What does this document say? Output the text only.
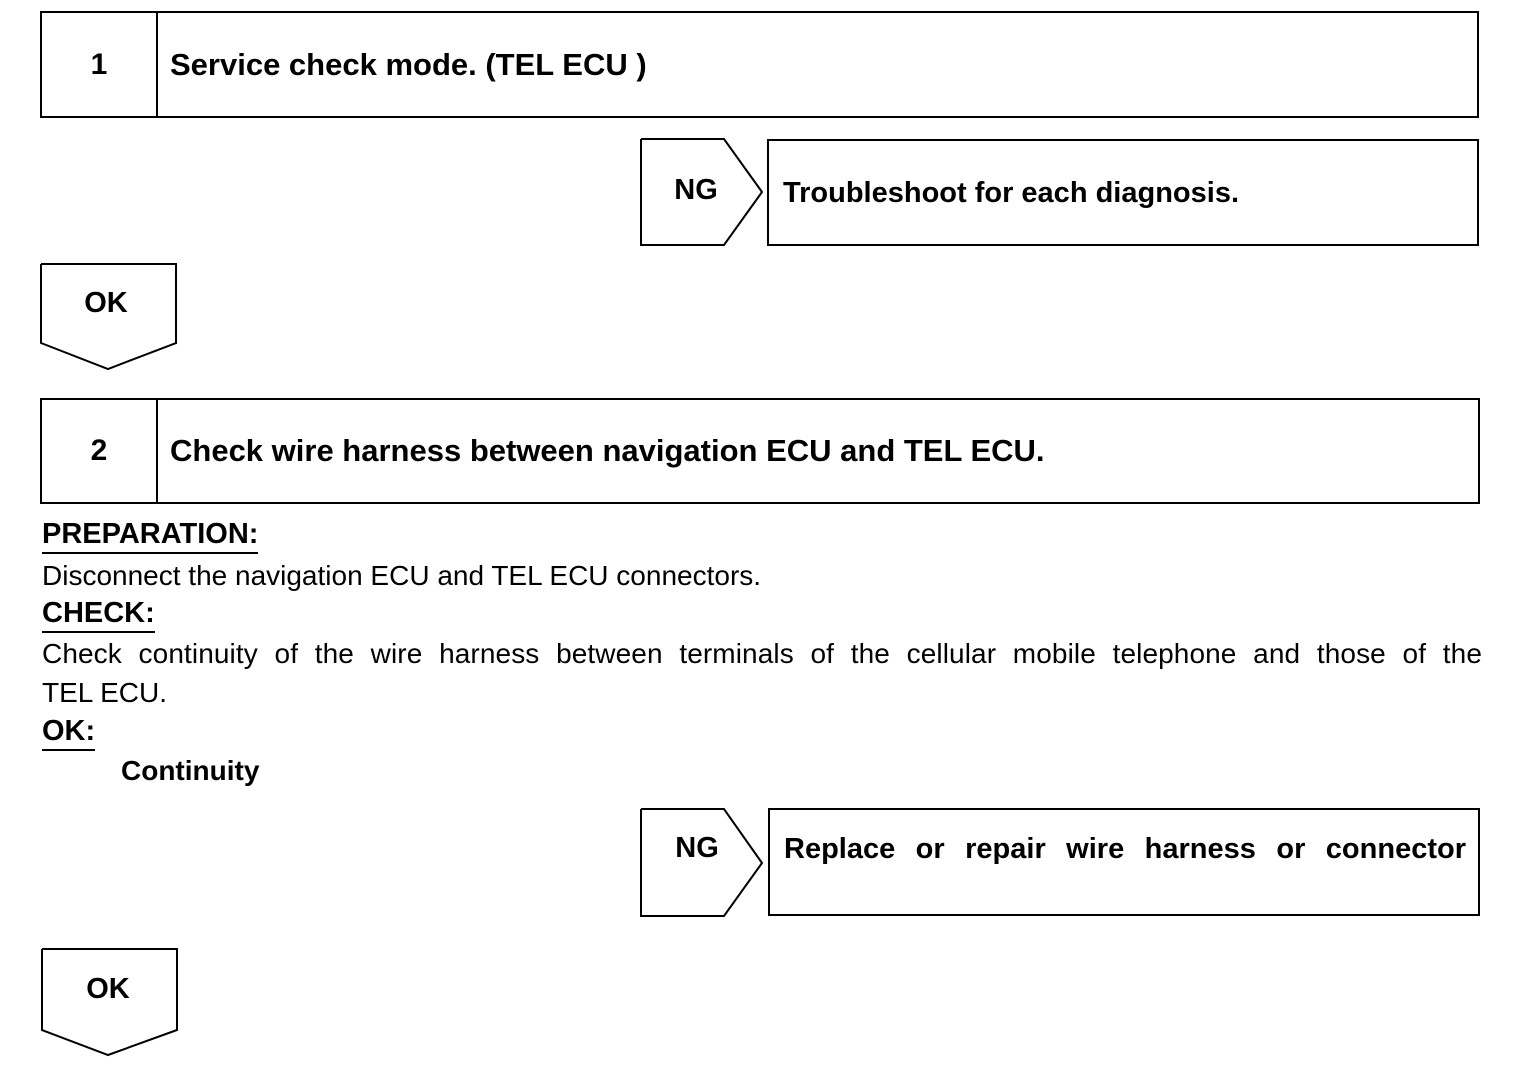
1	Service check mode. (TEL ECU )
NG	Troubleshoot for each diagnosis.
OK
2	Check wire harness between navigation ECU and TEL ECU.
PREPARATION:
Disconnect the navigation ECU and TEL ECU connectors.
CHECK:
Check continuity of the wire harness between terminals of the cellular mobile telephone and those of the
TEL ECU.
OK:
Continuity
NG	Replace or repair wire harness or connector
OK
